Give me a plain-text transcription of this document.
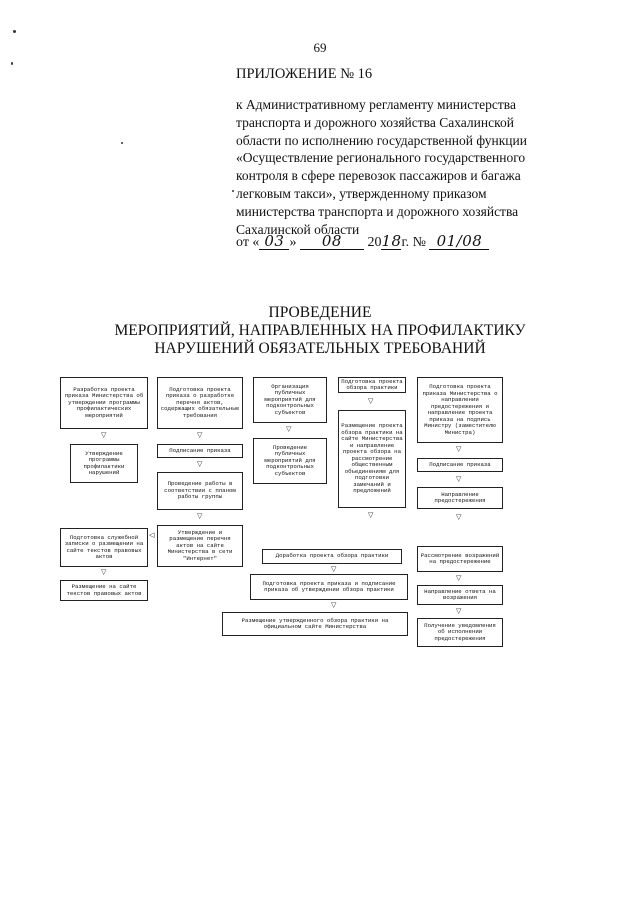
69
ПРИЛОЖЕНИЕ № 16
к Административному регламенту министерства
транспорта и дорожного хозяйства Сахалинской
области по исполнению государственной функции
«Осуществление регионального государственного
контроля в сфере перевозок пассажиров и багажа
легковым такси», утвержденному приказом
министерства транспорта и дорожного хозяйства
Сахалинской области
от « 03 » 08 2018г. № 01/08
ПРОВЕДЕНИЕ
МЕРОПРИЯТИЙ, НАПРАВЛЕННЫХ НА ПРОФИЛАКТИКУ
НАРУШЕНИЙ ОБЯЗАТЕЛЬНЫХ ТРЕБОВАНИЙ
Разработка проекта приказа Министерства об утверждении программы профилактических мероприятий
▽
Утверждение программы профилактики нарушений
Подготовка служебной записки о размещении на сайте текстов правовых актов
▽
Размещение на сайте текстов правовых актов
Подготовка проекта приказа о разработке перечня актов, содержащих обязательные требования
▽
Подписание приказа
▽
Проведение работы в соответствии с планом работы группы
▽
Утверждение и размещение перечня актов на сайте Министерства в сети "Интернет"
◁
Организация публичных мероприятий для подконтрольных субъектов
▽
Проведение публичных мероприятий для подконтрольных субъектов
Подготовка проекта обзора практики
▽
Размещение проекта обзора практики на сайте Министерства и направление проекта обзора на рассмотрение общественным объединениям для подготовки замечаний и предложений
▽
Доработка проекта обзора практики
▽
Подготовка проекта приказа и подписание приказа об утверждении обзора практики
▽
Размещение утвержденного обзора практики на официальном сайте Министерства
Подготовка проекта приказа Министерства о направлении предостережения и направление проекта приказа на подпись Министру (заместителю Министра)
▽
Подписание приказа
▽
Направление предостережения
▽
Рассмотрение возражений на предостережение
▽
Направление ответа на возражения
▽
Получение уведомления об исполнении предостережения
